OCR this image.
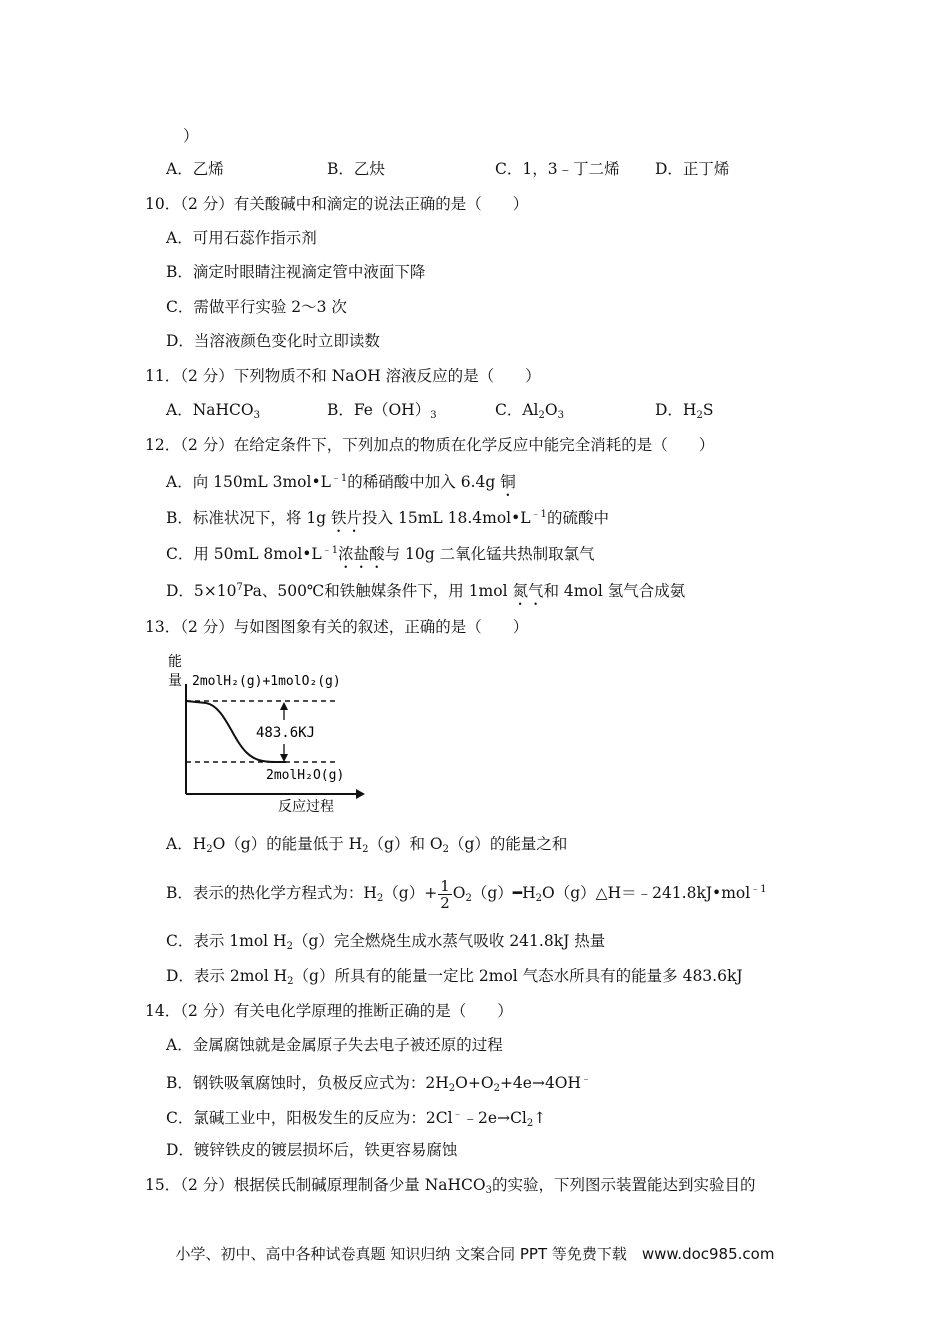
）
A．乙烯	B．乙炔	C．1，3﹣丁二烯 D．正丁烯
10．（2 分）有关酸碱中和滴定的说法正确的是（　　）
A．可用石蕊作指示剂
B．滴定时眼睛注视滴定管中液面下降
C．需做平行实验 2～3 次
D．当溶液颜色变化时立即读数
11．（2 分）下列物质不和 NaOH 溶液反应的是（　　）
A．NaHCO$_3$	B．$Fe(OH)_3$	C．$Al_2O_3$	D．$H_2S$
12．（2 分）在给定条件下，下列加点的物质在化学反应中能完全消耗的是（　　）
A．向 150mL $3mol•L^{﹣1}$的稀硝酸中加入 6.4g 铜
B．标准状况下，将 1g 铁片投入 15mL $18.4mol•L^{﹣1}$的硫酸中
C．用 50mL $8mol•L^{﹣1}$浓盐酸与 10g 二氧化锰共热制取氯气
D．$5\times 10^7Pa$、500℃和铁触媒条件下，用 1mol 氮气和 4mol 氢气合成氨
13．（2 分）与如图图象有关的叙述，正确的是（　　）
能
量 2molH₂(g)+1molO₂(g)
483.6KJ
2molH₂O(g)
反应过程
A．$H_2O(g)$的能量低于 $H_2(g)$和 $O_2(g)$的能量之和
B．表示的热化学方程式为：$H_2(g)+ \frac{1}{2}$ $O_2(g)━H_2O(g)\triangle H=﹣241.8kJ•mol^{﹣1}$
C．表示 1mol $H_2(g)$完全燃烧生成水蒸气吸收 241.8kJ 热量
D．表示 2mol $H_2(g)$所具有的能量一定比 2mol 气态水所具有的能量多 483.6kJ
14．（2 分）有关电化学原理的推断正确的是（　　）
A．金属腐蚀就是金属原子失去电子被还原的过程
B．钢铁吸氧腐蚀时，负极反应式为：$2H_2O+O_2+4e\to 4OH^﹣$
C．氯碱工业中，阳极发生的反应为：$2Cl^﹣﹣2e\to Cl_2↑$
D．镀锌铁皮的镀层损坏后，铁更容易腐蚀
15．（2 分）根据侯氏制碱原理制备少量 NaHCO$_3$的实验，下列图示装置能达到实验目的
小学、初中、高中各种试卷真题 知识归纳 文案合同 PPT 等免费下载　www.doc985.com
